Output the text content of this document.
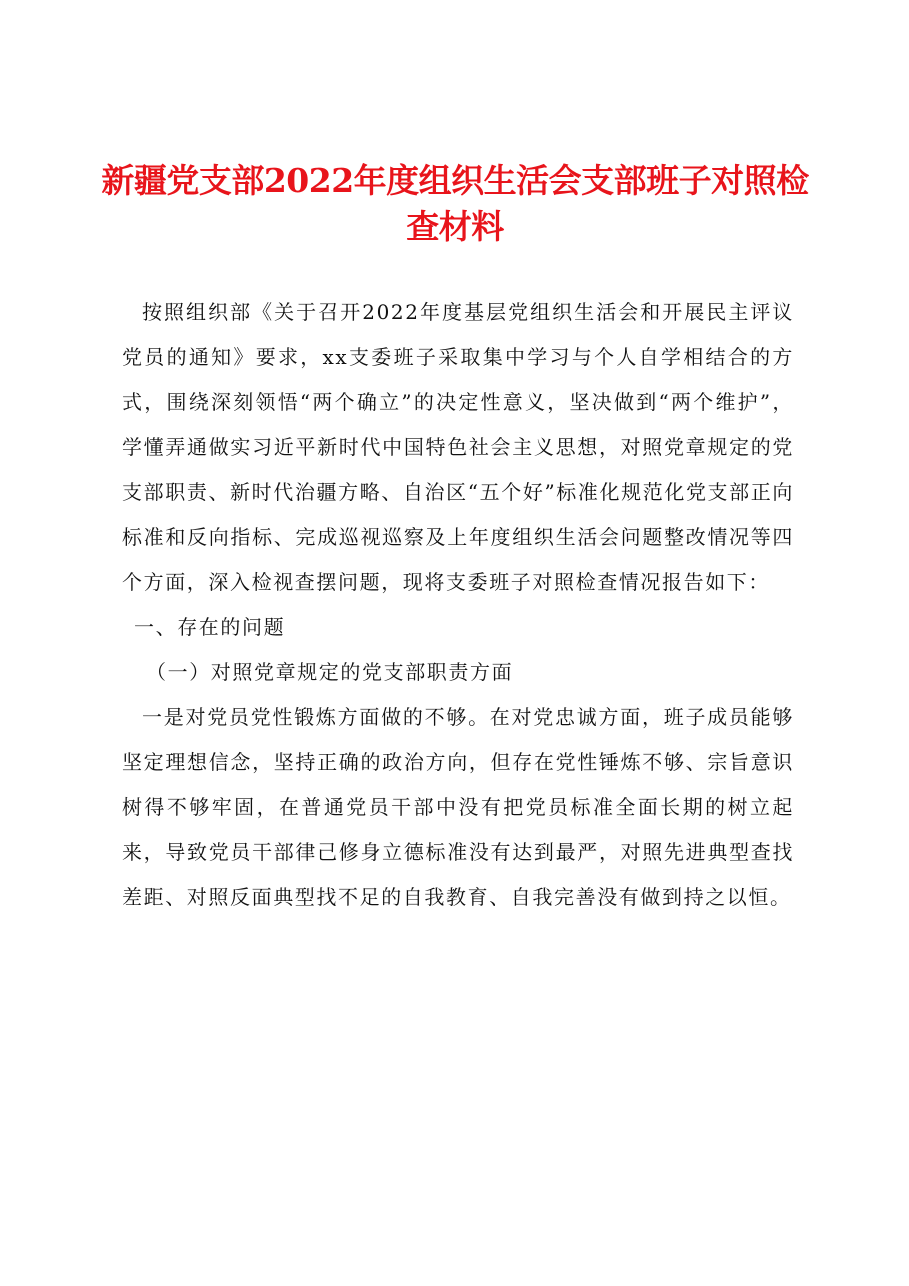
新疆党支部2022年度组织生活会支部班子对照检查材料

按照组织部《关于召开2022年度基层党组织生活会和开展民主评议党员的通知》要求，xx支委班子采取集中学习与个人自学相结合的方式，围绕深刻领悟“两个确立”的决定性意义，坚决做到“两个维护”，学懂弄通做实习近平新时代中国特色社会主义思想，对照党章规定的党支部职责、新时代治疆方略、自治区“五个好”标准化规范化党支部正向标准和反向指标、完成巡视巡察及上年度组织生活会问题整改情况等四个方面，深入检视查摆问题，现将支委班子对照检查情况报告如下：

一、存在的问题

（一）对照党章规定的党支部职责方面

一是对党员党性锻炼方面做的不够。在对党忠诚方面，班子成员能够坚定理想信念，坚持正确的政治方向，但存在党性锤炼不够、宗旨意识树得不够牢固，在普通党员干部中没有把党员标准全面长期的树立起来，导致党员干部律己修身立德标准没有达到最严，对照先进典型查找差距、对照反面典型找不足的自我教育、自我完善没有做到持之以恒。
